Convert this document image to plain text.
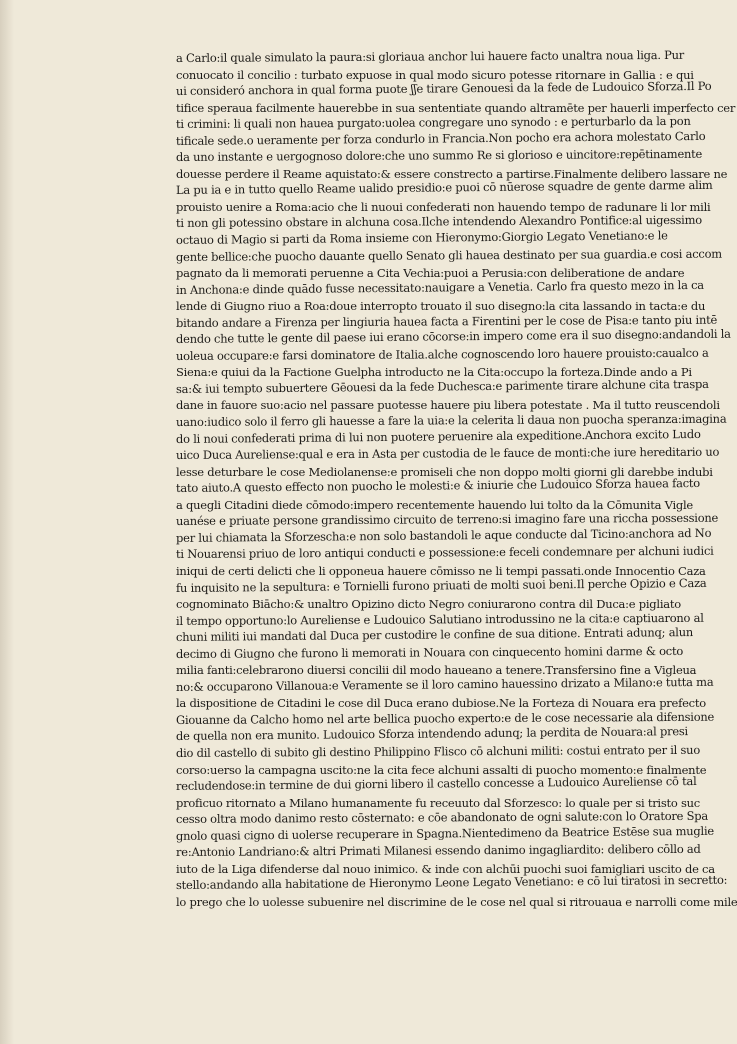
a Carlo:il quale simulato la paura:si gloriaua anchor lui hauere facto unaltra noua liga. Pur
conuocato il concilio : turbato expuose in qual modo sicuro potesse ritornare in Gallia : e qui
ui consideró anchora in qual forma puote ʃʃe tirare Genouesi da la fede de Ludouico Sforza.Il Po
tifice speraua facilmente hauerebbe in sua sententiate quando altramēte per hauerli imperfecto cer
ti crimini: li quali non hauea purgato:uolea congregare uno synodo : e perturbarlo da la pon
tificale sede.o ueramente per forza condurlo in Francia.Non pocho era achora molestato Carlo
da uno instante e uergognoso dolore:che uno summo Re si glorioso e uincitore:repētinamente
douesse perdere il Reame aquistato:& essere constrecto a partirse.Finalmente delibero lassare ne
La pu ia e in tutto quello Reame ualido presidio:e puoi cō nūerose squadre de gente darme alim
prouisto uenire a Roma:acio che li nuoui confederati non hauendo tempo de radunare li lor mili
ti non gli potessino obstare in alchuna cosa.Ilche intendendo Alexandro Pontifice:al uigessimo
octauo di Magio si parti da Roma insieme con Hieronymo:Giorgio Legato Venetiano:e le
gente bellice:che puocho dauante quello Senato gli hauea destinato per sua guardia.e cosi accom
pagnato da li memorati peruenne a Cita Vechia:puoi a Perusia:con deliberatione de andare
in Anchona:e dinde quādo fusse necessitato:nauigare a Venetia. Carlo fra questo mezo in la ca
lende di Giugno riuo a Roa:doue interropto trouato il suo disegno:la cita lassando in tacta:e du
bitando andare a Firenza per lingiuria hauea facta a Firentini per le cose de Pisa:e tanto piu intē
dendo che tutte le gente dil paese iui erano cōcorse:in impero come era il suo disegno:andandoli la
uoleua occupare:e farsi dominatore de Italia.alche cognoscendo loro hauere prouisto:caualco a
Siena:e quiui da la Factione Guelpha introducto ne la Cita:occupo la forteza.Dinde ando a Pi
sa:& iui tempto subuertere Gēouesi da la fede Duchesca:e parimente tirare alchune cita traspa
dane in fauore suo:acio nel passare puotesse hauere piu libera potestate . Ma il tutto reuscendoli
uano:iudico solo il ferro gli hauesse a fare la uia:e la celerita li daua non puocha speranza:imagina
do li noui confederati prima di lui non puotere peruenire ala expeditione.Anchora excito Ludo
uico Duca Aureliense:qual e era in Asta per custodia de le fauce de monti:che iure hereditario uo
lesse deturbare le cose Mediolanense:e promiseli che non doppo molti giorni gli darebbe indubi
tato aiuto.A questo effecto non puocho le molesti:e & iniurie che Ludouico Sforza hauea facto
a quegli Citadini diede cōmodo:impero recentemente hauendo lui tolto da la Cōmunita Vigle
uanése e priuate persone grandissimo circuito de terreno:si imagino fare una riccha possessione
per lui chiamata la Sforzescha:e non solo bastandoli le aque conducte dal Ticino:anchora ad No
ti Nouarensi priuo de loro antiqui conducti e possessione:e feceli condemnare per alchuni iudici
iniqui de certi delicti che li opponeua hauere cōmisso ne li tempi passati.onde Innocentio Caza
fu inquisito ne la sepultura: e Tornielli furono priuati de molti suoi beni.Il perche Opizio e Caza
cognominato Biācho:& unaltro Opizino dicto Negro coniurarono contra dil Duca:e pigliato
il tempo opportuno:lo Aureliense e Ludouico Salutiano introdussino ne la cita:e captiuarono al
chuni militi iui mandati dal Duca per custodire le confine de sua ditione. Entrati adunq; alun
decimo di Giugno che furono li memorati in Nouara con cinquecento homini darme & octo
milia fanti:celebrarono diuersi concilii dil modo haueano a tenere.Transfersino fine a Vigleua
no:& occuparono Villanoua:e Veramente se il loro camino hauessino drizato a Milano:e tutta ma
la dispositione de Citadini le cose dil Duca erano dubiose.Ne la Forteza di Nouara era prefecto
Giouanne da Calcho homo nel arte bellica puocho experto:e de le cose necessarie ala difensione
de quella non era munito. Ludouico Sforza intendendo adunq; la perdita de Nouara:al presi
dio dil castello di subito gli destino Philippino Fliscо cō alchuni militi: costui entrato per il suo
corso:uerso la campagna uscito:ne la cita fece alchuni assalti di puocho momento:e finalmente
recludendose:in termine de dui giorni libero il castello concesse a Ludouico Aureliense cō tal
proficuo ritornato a Milano humanamente fu receuuto dal Sforzesco: lo quale per si tristo suc
cesso oltra modo danimo resto cōsternato: e cōe abandonato de ogni salute:con lo Oratore Spa
gnolo quasi cigno di uolerse recuperare in Spagna.Nientedimeno da Beatrice Estēse sua muglie
re:Antonio Landriano:& altri Primati Milanesi essendo danimo ingagliardito: delibero cōllo ad
iuto de la Liga difenderse dal nouo inimico. & inde con alchūi puochi suoi famigliari uscito de ca
stello:andando alla habitatione de Hieronymo Leone Legato Venetiano: e cō lui tiratosi in secretto:
lo prego che lo uolesse subuenire nel discrimine de le cose nel qual si ritrouaua e narrolli come mile
